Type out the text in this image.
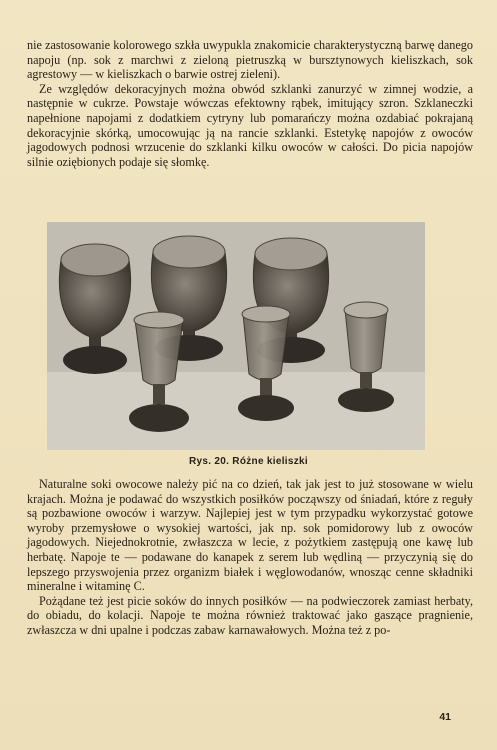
nie zastosowanie kolorowego szkła uwypukla znakomicie charakterystyczną barwę danego napoju (np. sok z marchwi z zieloną pietruszką w bursztynowych kieliszkach, sok agrestowy — w kieliszkach o barwie ostrej zieleni).

Ze względów dekoracyjnych można obwód szklanki zanurzyć w zimnej wodzie, a następnie w cukrze. Powstaje wówczas efektowny rąbek, imitujący szron. Szklaneczki napełnione napojami z dodatkiem cytryny lub pomarańczy można ozdabiać pokrajaną dekoracyjnie skórką, umocowując ją na rancie szklanki. Estetykę napojów z owoców jagodowych podnosi wrzucenie do szklanki kilku owoców w całości. Do picia napojów silnie oziębionych podaje się słomkę.

Rys. 20. Różne kieliszki

Naturalne soki owocowe należy pić na co dzień, tak jak jest to już stosowane w wielu krajach. Można je podawać do wszystkich posiłków począwszy od śniadań, które z reguły są pozbawione owoców i warzyw. Najlepiej jest w tym przypadku wykorzystać gotowe wyroby przemysłowe o wysokiej wartości, jak np. sok pomidorowy lub z owoców jagodowych. Niejednokrotnie, zwłaszcza w lecie, z pożytkiem zastępują one kawę lub herbatę. Napoje te — podawane do kanapek z serem lub wędliną — przyczynią się do lepszego przyswojenia przez organizm białek i węglowodanów, wnosząc cenne składniki mineralne i witaminę C.

Pożądane też jest picie soków do innych posiłków — na podwieczorek zamiast herbaty, do obiadu, do kolacji. Napoje te można również traktować jako gaszące pragnienie, zwłaszcza w dni upalne i podczas zabaw karnawałowych. Można też z po-

41
